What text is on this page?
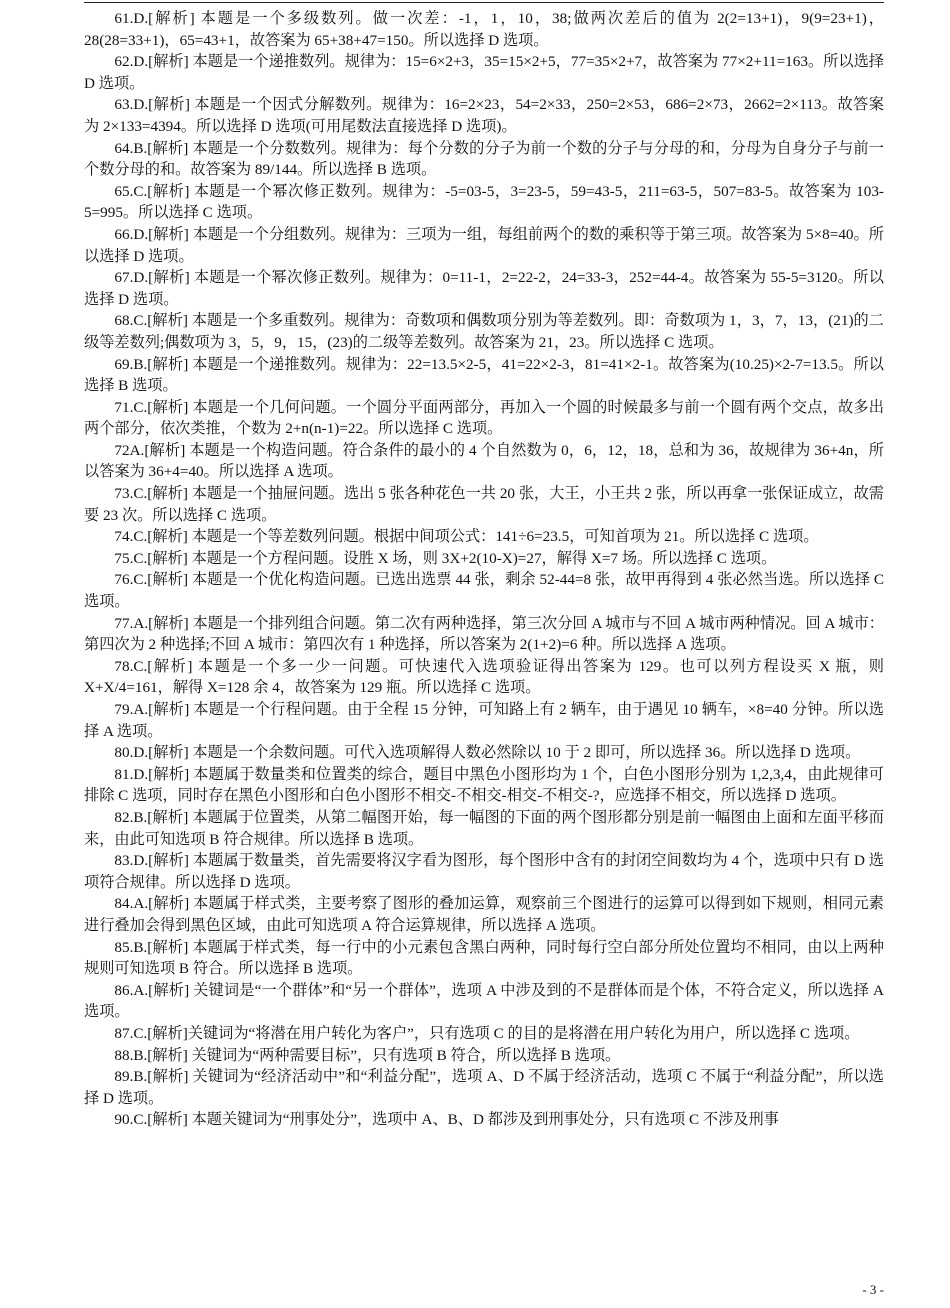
61.D.[解析] 本题是一个多级数列。做一次差：-1，1，10，38;做两次差后的值为 2(2=13+1)，9(9=23+1)，28(28=33+1)，65=43+1，故答案为 65+38+47=150。所以选择 D 选项。

62.D.[解析] 本题是一个递推数列。规律为：15=6×2+3，35=15×2+5，77=35×2+7，故答案为 77×2+11=163。所以选择 D 选项。

63.D.[解析] 本题是一个因式分解数列。规律为：16=2×23，54=2×33，250=2×53，686=2×73，2662=2×113。故答案为 2×133=4394。所以选择 D 选项(可用尾数法直接选择 D 选项)。

64.B.[解析] 本题是一个分数数列。规律为：每个分数的分子为前一个数的分子与分母的和，分母为自身分子与前一个数分母的和。故答案为 89/144。所以选择 B 选项。

65.C.[解析] 本题是一个幂次修正数列。规律为：-5=03-5，3=23-5，59=43-5，211=63-5，507=83-5。故答案为 103-5=995。所以选择 C 选项。

66.D.[解析] 本题是一个分组数列。规律为：三项为一组，每组前两个的数的乘积等于第三项。故答案为 5×8=40。所以选择 D 选项。

67.D.[解析] 本题是一个幂次修正数列。规律为：0=11-1，2=22-2，24=33-3，252=44-4。故答案为 55-5=3120。所以选择 D 选项。

68.C.[解析] 本题是一个多重数列。规律为：奇数项和偶数项分别为等差数列。即：奇数项为 1，3，7，13，(21)的二级等差数列;偶数项为 3，5，9，15，(23)的二级等差数列。故答案为 21，23。所以选择 C 选项。

69.B.[解析] 本题是一个递推数列。规律为：22=13.5×2-5，41=22×2-3，81=41×2-1。故答案为(10.25)×2-7=13.5。所以选择 B 选项。

71.C.[解析] 本题是一个几何问题。一个圆分平面两部分，再加入一个圆的时候最多与前一个圆有两个交点，故多出两个部分，依次类推，个数为 2+n(n-1)=22。所以选择 C 选项。

72A.[解析] 本题是一个构造问题。符合条件的最小的 4 个自然数为 0，6，12，18，总和为 36，故规律为 36+4n，所以答案为 36+4=40。所以选择 A 选项。

73.C.[解析] 本题是一个抽屉问题。选出 5 张各种花色一共 20 张，大王，小王共 2 张，所以再拿一张保证成立，故需要 23 次。所以选择 C 选项。

74.C.[解析] 本题是一个等差数列问题。根据中间项公式：141÷6=23.5，可知首项为 21。所以选择 C 选项。

75.C.[解析] 本题是一个方程问题。设胜 X 场，则 3X+2(10-X)=27，解得 X=7 场。所以选择 C 选项。

76.C.[解析] 本题是一个优化构造问题。已选出选票 44 张，剩余 52-44=8 张，故甲再得到 4 张必然当选。所以选择 C 选项。

77.A.[解析] 本题是一个排列组合问题。第二次有两种选择，第三次分回 A 城市与不回 A 城市两种情况。回 A 城市：第四次为 2 种选择;不回 A 城市：第四次有 1 种选择，所以答案为 2(1+2)=6 种。所以选择 A 选项。

78.C.[解析] 本题是一个多一少一问题。可快速代入选项验证得出答案为 129。也可以列方程设买 X 瓶，则 X+X/4=161，解得 X=128 余 4，故答案为 129 瓶。所以选择 C 选项。

79.A.[解析] 本题是一个行程问题。由于全程 15 分钟，可知路上有 2 辆车，由于遇见 10 辆车，×8=40 分钟。所以选择 A 选项。

80.D.[解析] 本题是一个余数问题。可代入选项解得人数必然除以 10 于 2 即可，所以选择 36。所以选择 D 选项。

81.D.[解析] 本题属于数量类和位置类的综合，题目中黑色小图形均为 1 个，白色小图形分别为 1,2,3,4，由此规律可排除 C 选项，同时存在黑色小图形和白色小图形不相交-不相交-相交-不相交-?，应选择不相交，所以选择 D 选项。

82.B.[解析] 本题属于位置类，从第二幅图开始，每一幅图的下面的两个图形都分别是前一幅图由上面和左面平移而来，由此可知选项 B 符合规律。所以选择 B 选项。

83.D.[解析] 本题属于数量类，首先需要将汉字看为图形，每个图形中含有的封闭空间数均为 4 个，选项中只有 D 选项符合规律。所以选择 D 选项。

84.A.[解析] 本题属于样式类，主要考察了图形的叠加运算，观察前三个图进行的运算可以得到如下规则，相同元素进行叠加会得到黑色区域，由此可知选项 A 符合运算规律，所以选择 A 选项。

85.B.[解析] 本题属于样式类，每一行中的小元素包含黑白两种，同时每行空白部分所处位置均不相同，由以上两种规则可知选项 B 符合。所以选择 B 选项。

86.A.[解析] 关键词是“一个群体”和“另一个群体”，选项 A 中涉及到的不是群体而是个体，不符合定义，所以选择 A 选项。

87.C.[解析]关键词为“将潜在用户转化为客户”，只有选项 C 的目的是将潜在用户转化为用户，所以选择 C 选项。

88.B.[解析] 关键词为“两种需要目标”，只有选项 B 符合，所以选择 B 选项。

89.B.[解析] 关键词为“经济活动中”和“利益分配”，选项 A、D 不属于经济活动，选项 C 不属于“利益分配”，所以选择 D 选项。

90.C.[解析] 本题关键词为“刑事处分”，选项中 A、B、D 都涉及到刑事处分，只有选项 C 不涉及刑事

- 3 -
